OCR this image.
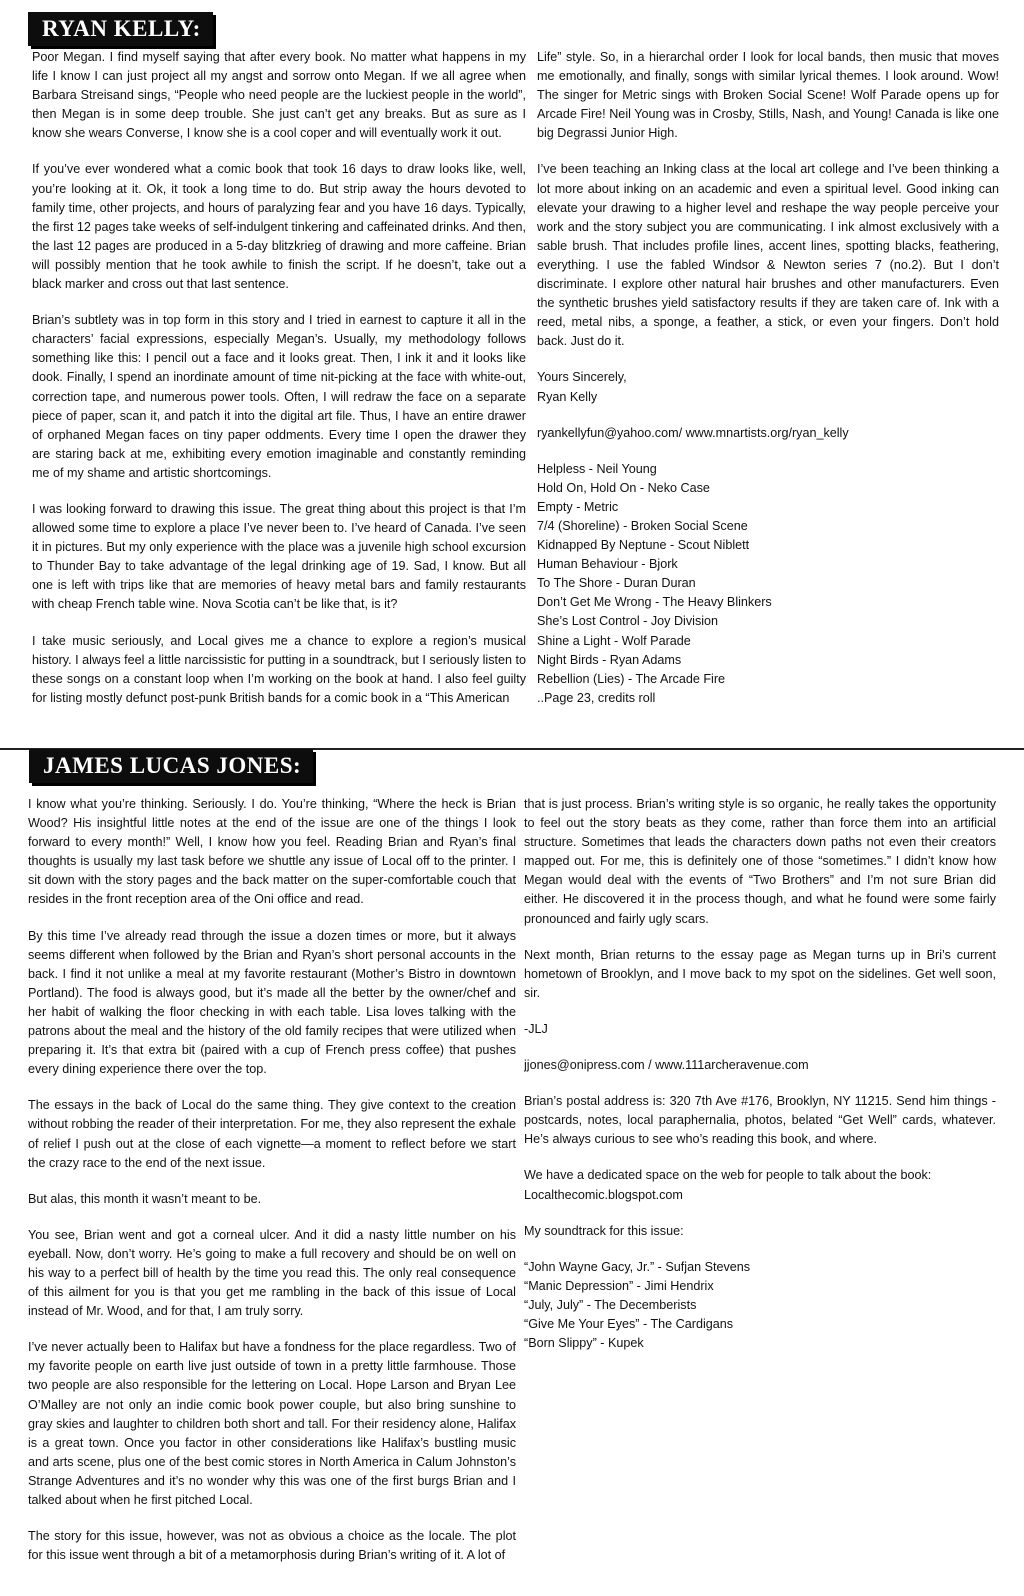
RYAN KELLY:

Poor Megan. I find myself saying that after every book. No matter what happens in my life I know I can just project all my angst and sorrow onto Megan. If we all agree when Barbara Streisand sings, “People who need people are the luckiest people in the world”, then Megan is in some deep trouble. She just can’t get any breaks. But as sure as I know she wears Converse, I know she is a cool coper and will eventually work it out.

If you’ve ever wondered what a comic book that took 16 days to draw looks like, well, you’re looking at it. Ok, it took a long time to do. But strip away the hours devoted to family time, other projects, and hours of paralyzing fear and you have 16 days. Typically, the first 12 pages take weeks of self-indulgent tinkering and caffeinated drinks. And then, the last 12 pages are produced in a 5-day blitzkrieg of drawing and more caffeine. Brian will possibly mention that he took awhile to finish the script. If he doesn’t, take out a black marker and cross out that last sentence.

Brian’s subtlety was in top form in this story and I tried in earnest to capture it all in the characters’ facial expressions, especially Megan’s. Usually, my methodology follows something like this: I pencil out a face and it looks great. Then, I ink it and it looks like dook. Finally, I spend an inordinate amount of time nit-picking at the face with white-out, correction tape, and numerous power tools. Often, I will redraw the face on a separate piece of paper, scan it, and patch it into the digital art file. Thus, I have an entire drawer of orphaned Megan faces on tiny paper oddments. Every time I open the drawer they are staring back at me, exhibiting every emotion imaginable and constantly reminding me of my shame and artistic shortcomings.

I was looking forward to drawing this issue. The great thing about this project is that I’m allowed some time to explore a place I’ve never been to. I’ve heard of Canada. I’ve seen it in pictures. But my only experience with the place was a juvenile high school excursion to Thunder Bay to take advantage of the legal drinking age of 19. Sad, I know. But all one is left with trips like that are memories of heavy metal bars and family restaurants with cheap French table wine. Nova Scotia can’t be like that, is it?

I take music seriously, and Local gives me a chance to explore a region’s musical history. I always feel a little narcissistic for putting in a soundtrack, but I seriously listen to these songs on a constant loop when I’m working on the book at hand. I also feel guilty for listing mostly defunct post-punk British bands for a comic book in a “This American

Life” style. So, in a hierarchal order I look for local bands, then music that moves me emotionally, and finally, songs with similar lyrical themes. I look around. Wow! The singer for Metric sings with Broken Social Scene! Wolf Parade opens up for Arcade Fire! Neil Young was in Crosby, Stills, Nash, and Young! Canada is like one big Degrassi Junior High.

I’ve been teaching an Inking class at the local art college and I’ve been thinking a lot more about inking on an academic and even a spiritual level. Good inking can elevate your drawing to a higher level and reshape the way people perceive your work and the story subject you are communicating. I ink almost exclusively with a sable brush. That includes profile lines, accent lines, spotting blacks, feathering, everything. I use the fabled Windsor & Newton series 7 (no.2). But I don’t discriminate. I explore other natural hair brushes and other manufacturers. Even the synthetic brushes yield satisfactory results if they are taken care of. Ink with a reed, metal nibs, a sponge, a feather, a stick, or even your fingers. Don’t hold back. Just do it.

Yours Sincerely,

Ryan Kelly

ryankellyfun@yahoo.com/ www.mnartists.org/ryan_kelly

Helpless - Neil Young
Hold On, Hold On - Neko Case
Empty - Metric
7/4 (Shoreline) - Broken Social Scene
Kidnapped By Neptune - Scout Niblett
Human Behaviour - Bjork
To The Shore - Duran Duran
Don’t Get Me Wrong - The Heavy Blinkers
She’s Lost Control - Joy Division
Shine a Light - Wolf Parade
Night Birds - Ryan Adams
Rebellion (Lies) - The Arcade Fire
..Page 23, credits roll
JAMES LUCAS JONES:

I know what you’re thinking. Seriously. I do. You’re thinking, “Where the heck is Brian Wood? His insightful little notes at the end of the issue are one of the things I look forward to every month!” Well, I know how you feel. Reading Brian and Ryan’s final thoughts is usually my last task before we shuttle any issue of Local off to the printer. I sit down with the story pages and the back matter on the super-comfortable couch that resides in the front reception area of the Oni office and read.

By this time I’ve already read through the issue a dozen times or more, but it always seems different when followed by the Brian and Ryan’s short personal accounts in the back. I find it not unlike a meal at my favorite restaurant (Mother’s Bistro in downtown Portland). The food is always good, but it’s made all the better by the owner/chef and her habit of walking the floor checking in with each table. Lisa loves talking with the patrons about the meal and the history of the old family recipes that were utilized when preparing it. It’s that extra bit (paired with a cup of French press coffee) that pushes every dining experience there over the top.

The essays in the back of Local do the same thing. They give context to the creation without robbing the reader of their interpretation. For me, they also represent the exhale of relief I push out at the close of each vignette—a moment to reflect before we start the crazy race to the end of the next issue.

But alas, this month it wasn’t meant to be.

You see, Brian went and got a corneal ulcer. And it did a nasty little number on his eyeball. Now, don’t worry. He’s going to make a full recovery and should be on well on his way to a perfect bill of health by the time you read this. The only real consequence of this ailment for you is that you get me rambling in the back of this issue of Local instead of Mr. Wood, and for that, I am truly sorry.

I’ve never actually been to Halifax but have a fondness for the place regardless. Two of my favorite people on earth live just outside of town in a pretty little farmhouse. Those two people are also responsible for the lettering on Local. Hope Larson and Bryan Lee O’Malley are not only an indie comic book power couple, but also bring sunshine to gray skies and laughter to children both short and tall. For their residency alone, Halifax is a great town. Once you factor in other considerations like Halifax’s bustling music and arts scene, plus one of the best comic stores in North America in Calum Johnston’s Strange Adventures and it’s no wonder why this was one of the first burgs Brian and I talked about when he first pitched Local.

The story for this issue, however, was not as obvious a choice as the locale. The plot for this issue went through a bit of a metamorphosis during Brian’s writing of it. A lot of

that is just process. Brian’s writing style is so organic, he really takes the opportunity to feel out the story beats as they come, rather than force them into an artificial structure. Sometimes that leads the characters down paths not even their creators mapped out. For me, this is definitely one of those “sometimes.” I didn’t know how Megan would deal with the events of “Two Brothers” and I’m not sure Brian did either. He discovered it in the process though, and what he found were some fairly pronounced and fairly ugly scars.

Next month, Brian returns to the essay page as Megan turns up in Bri’s current hometown of Brooklyn, and I move back to my spot on the sidelines. Get well soon, sir.

-JLJ

jjones@onipress.com / www.111archeravenue.com

Brian’s postal address is: 320 7th Ave #176, Brooklyn, NY 11215. Send him things - postcards, notes, local paraphernalia, photos, belated “Get Well” cards, whatever. He’s always curious to see who’s reading this book, and where.

We have a dedicated space on the web for people to talk about the book:

Localthecomic.blogspot.com

My soundtrack for this issue:

“John Wayne Gacy, Jr.” - Sufjan Stevens
“Manic Depression” - Jimi Hendrix
“July, July” - The Decemberists
“Give Me Your Eyes” - The Cardigans
“Born Slippy” - Kupek
